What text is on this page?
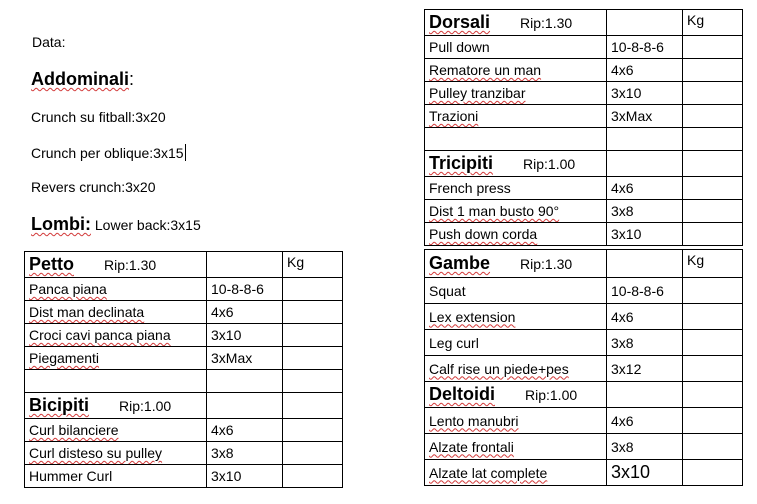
Data:
Addominali:
Crunch su fitball:3x20
Crunch per oblique:3x15
Revers crunch:3x20
Lombi: Lower back:3x15
Dorsali Rip:1.30		Kg
Pull down	10-8-8-6	
Rematore un man	4x6	
Pulley tranzibar	3x10	
Trazioni	3xMax	

Tricipiti Rip:1.00		
French press	4x6	
Dist 1 man busto 90°	3x8	
Push down corda	3x10	
Petto Rip:1.30		Kg
Panca piana	10-8-8-6	
Dist man declinata	4x6	
Croci cavi panca piana	3x10	
Piegamenti	3xMax	

Bicipiti Rip:1.00		
Curl bilanciere	4x6	
Curl disteso su pulley	3x8	
Hummer Curl	3x10	
Gambe Rip:1.30		Kg
Squat	10-8-8-6	
Lex extension	4x6	
Leg curl	3x8	
Calf rise un piede+pes	3x12	
Deltoidi Rip:1.00		
Lento manubri	4x6	
Alzate frontali	3x8	
Alzate lat complete	3x10	
